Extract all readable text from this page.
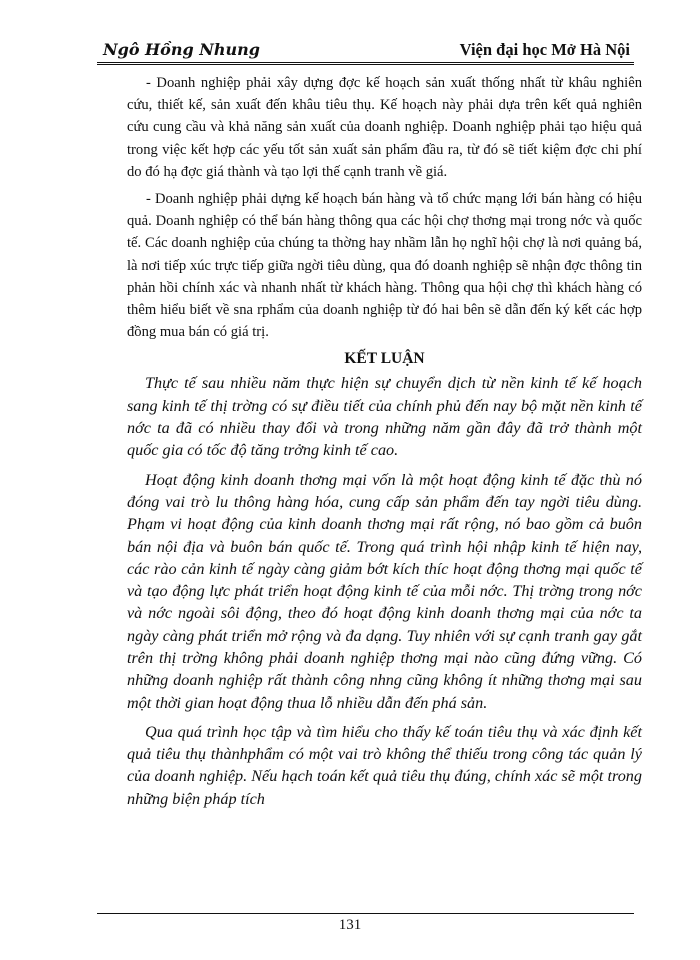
Ngô Hồng Nhung	Viện đại học Mở Hà Nội

- Doanh nghiệp phải xây dựng đợc kế hoạch sản xuất thống nhất từ khâu nghiên cứu, thiết kế, sản xuất đến khâu tiêu thụ. Kế hoạch này phải dựa trên kết quả nghiên cứu cung cầu và khả năng sản xuất của doanh nghiệp. Doanh nghiệp phải tạo hiệu quả trong việc kết hợp các yếu tốt sản xuất sản phẩm đầu ra, từ đó sẽ tiết kiệm đợc chi phí do đó hạ đợc giá thành và tạo lợi thế cạnh tranh về giá.

- Doanh nghiệp phải dựng kế hoạch bán hàng và tổ chức mạng lới bán hàng có hiệu quả. Doanh nghiệp có thể bán hàng thông qua các hội chợ thơng mại trong nớc và quốc tế. Các doanh nghiệp của chúng ta thờng hay nhầm lẫn họ nghĩ hội chợ là nơi quảng bá, là nơi tiếp xúc trực tiếp giữa ngời tiêu dùng, qua đó doanh nghiệp sẽ nhận đợc thông tin phản hồi chính xác và nhanh nhất từ khách hàng. Thông qua hội chợ thì khách hàng có thêm hiểu biết về sna rphẩm của doanh nghiệp từ đó hai bên sẽ dẫn đến ký kết các hợp đồng mua bán có giá trị.

KẾT LUẬN

Thực tế sau nhiều năm thực hiện sự chuyển dịch từ nền kinh tế kế hoạch sang kinh tế thị trờng có sự điều tiết của chính phủ đến nay bộ mặt nền kinh tế nớc ta đã có nhiều thay đổi và trong những năm gần đây đã trở thành một quốc gia có tốc độ tăng trởng kinh tế cao.

Hoạt động kinh doanh thơng mại vốn là một hoạt động kinh tế đặc thù nó đóng vai trò lu thông hàng hóa, cung cấp sản phẩm đến tay ngời tiêu dùng. Phạm vi hoạt động của kinh doanh thơng mại rất rộng, nó bao gồm cả buôn bán nội địa và buôn bán quốc tế. Trong quá trình hội nhập kinh tế hiện nay, các rào cản kinh tế ngày càng giảm bớt kích thíc hoạt động thơng mại quốc tế và tạo động lực phát triển hoạt động kinh tế của mỗi nớc. Thị trờng trong nớc và nớc ngoài sôi động, theo đó hoạt động kinh doanh thơng mại của nớc ta ngày càng phát triển mở rộng và đa dạng. Tuy nhiên với sự cạnh tranh gay gắt trên thị trờng không phải doanh nghiệp thơng mại nào cũng đứng vững. Có những doanh nghiệp rất thành công nhng cũng không ít những thơng mại sau một thời gian hoạt động thua lỗ nhiều dẫn đến phá sản.

Qua quá trình học tập và tìm hiểu cho thấy kế toán tiêu thụ và xác định kết quả tiêu thụ thànhphẩm có một vai trò không thể thiếu trong công tác quản lý của doanh nghiệp. Nếu hạch toán kết quả tiêu thụ đúng, chính xác sẽ một trong những biện pháp tích

131
